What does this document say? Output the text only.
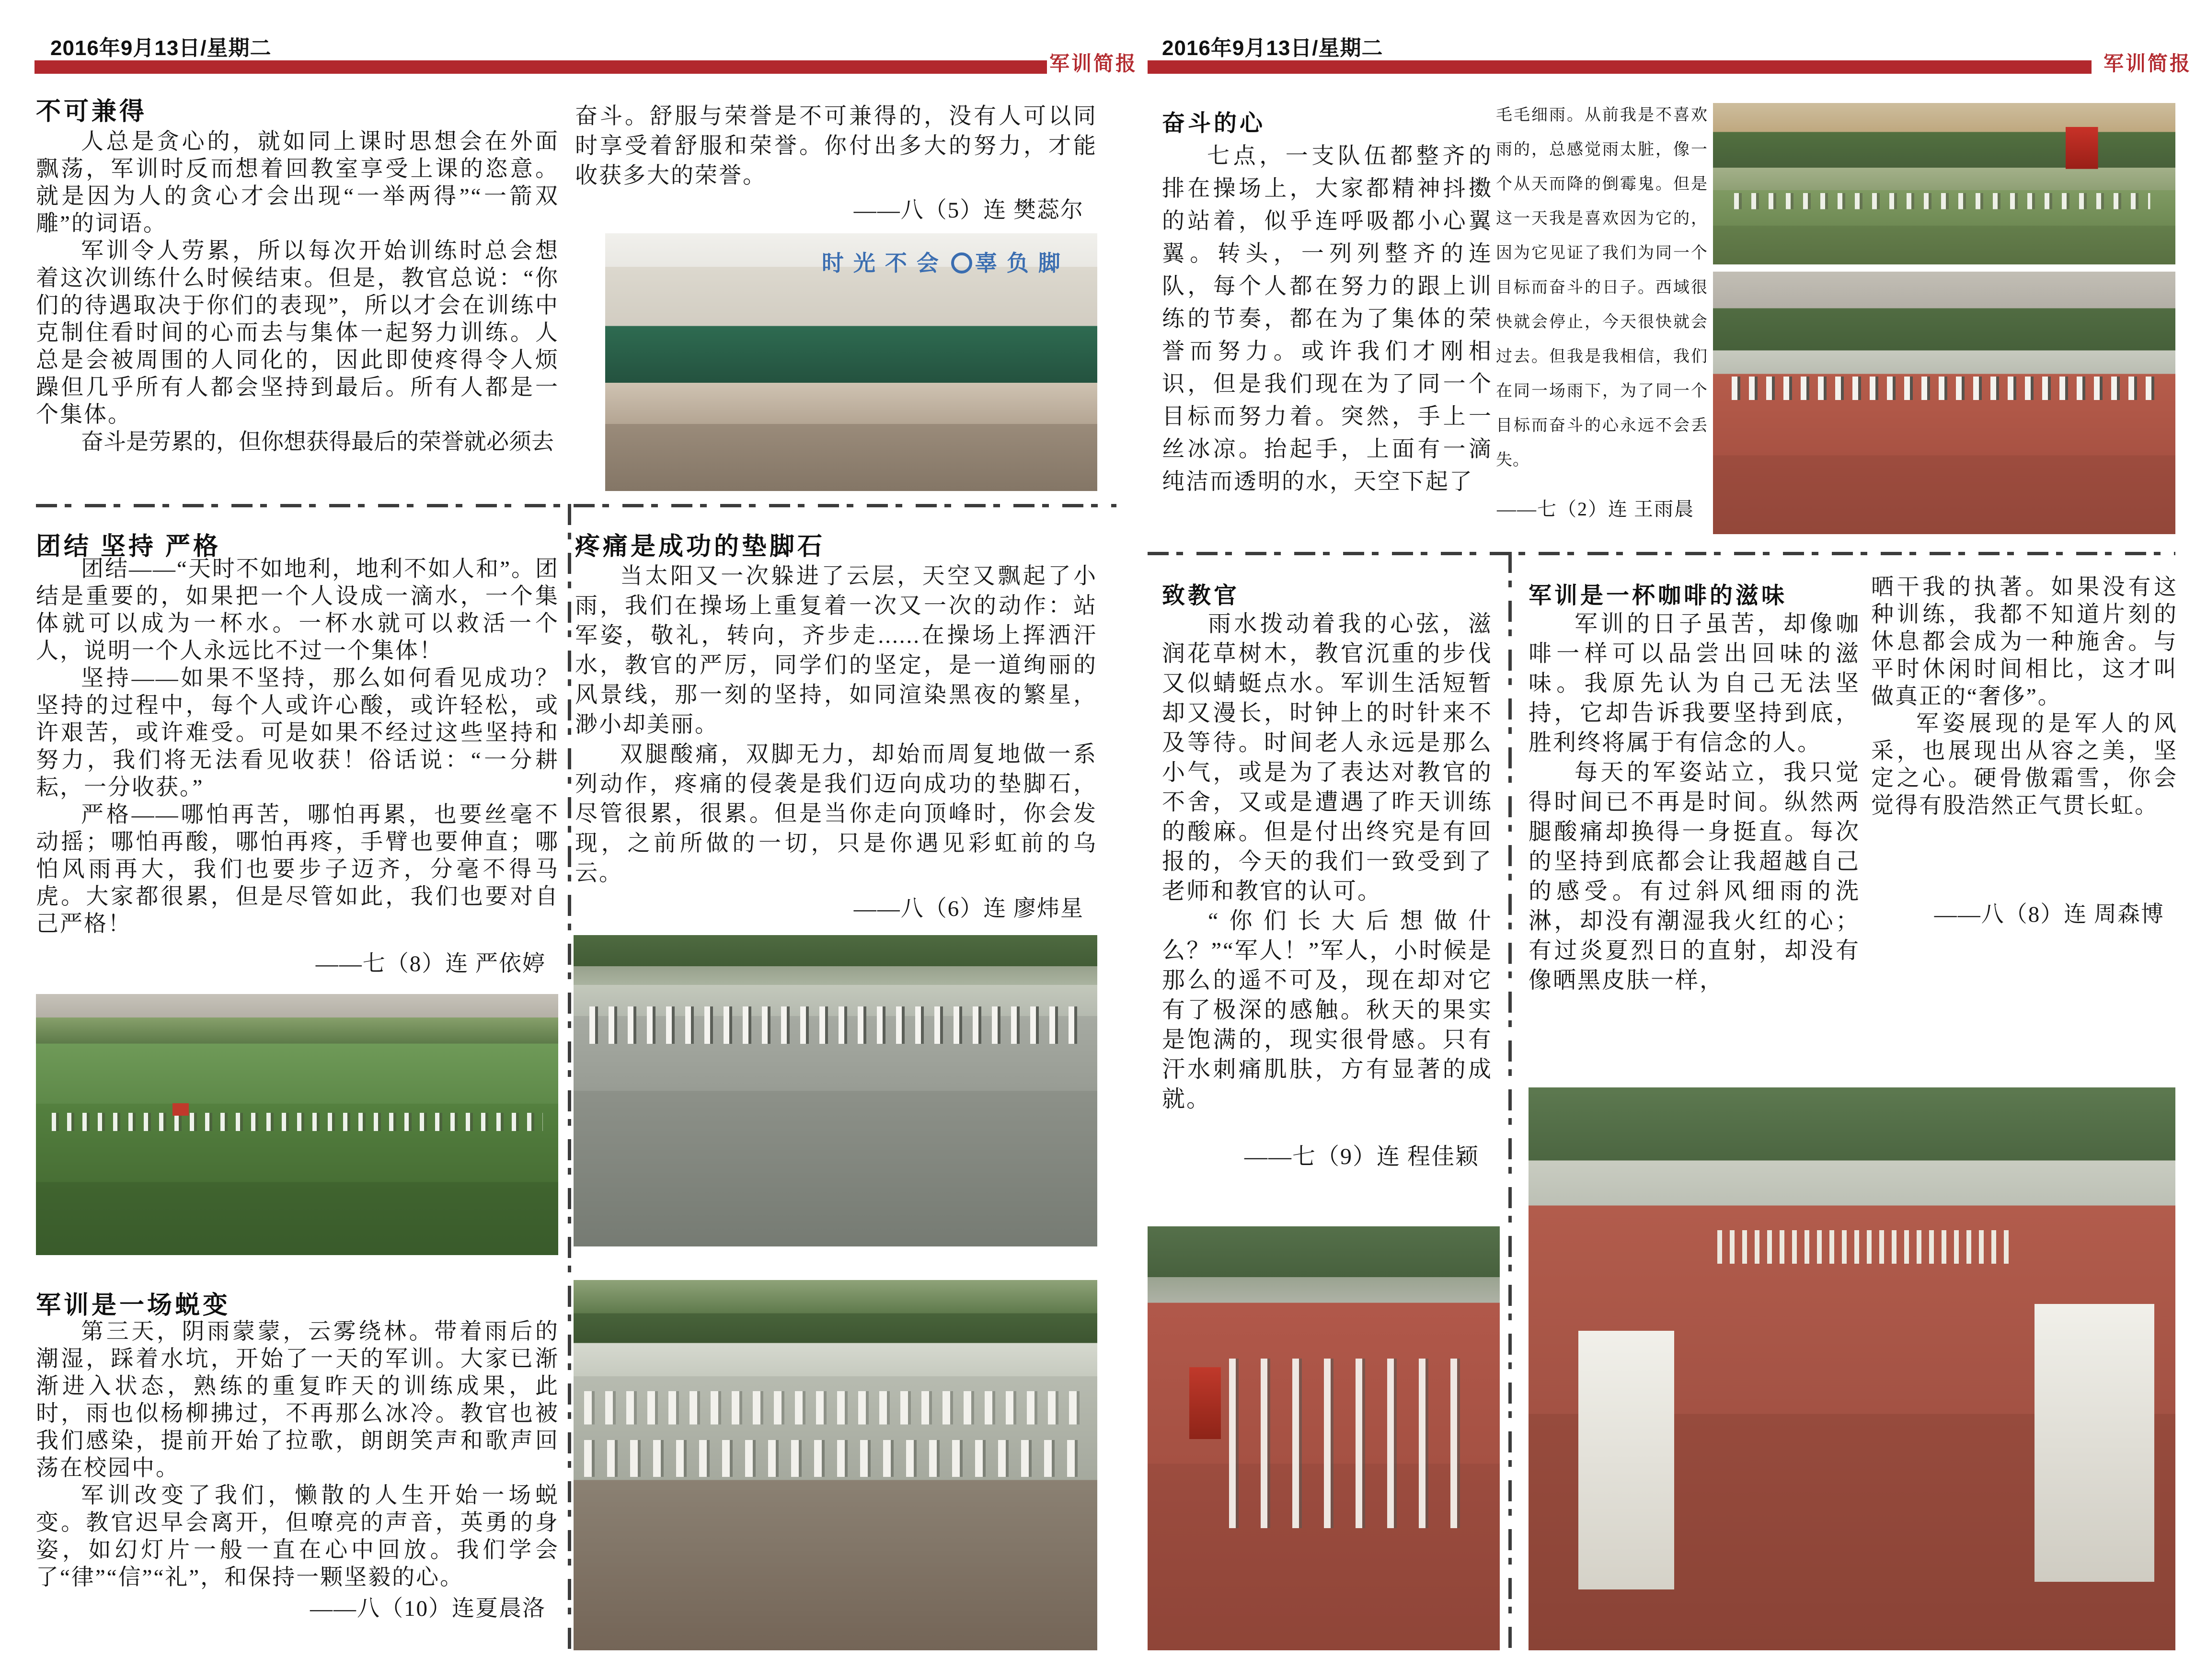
2016年9月13日/星期二
军训简报
不可兼得

人总是贪心的，就如同上课时思想会在外面飘荡，军训时反而想着回教室享受上课的恣意。就是因为人的贪心才会出现“一举两得”“一箭双雕”的词语。

军训令人劳累，所以每次开始训练时总会想着这次训练什么时候结束。但是，教官总说：“你们的待遇取决于你们的表现”，所以才会在训练中克制住看时间的心而去与集体一起努力训练。人总是会被周围的人同化的，因此即使疼得令人烦躁但几乎所有人都会坚持到最后。所有人都是一个集体。

奋斗是劳累的，但你想获得最后的荣誉就必须去

奋斗。舒服与荣誉是不可兼得的，没有人可以同时享受着舒服和荣誉。你付出多大的努力，才能收获多大的荣誉。

——八（5）连 樊蕊尔
时光不会 辜负脚
团结 坚持 严格

团结——“天时不如地利，地利不如人和”。团结是重要的，如果把一个人设成一滴水，一个集体就可以成为一杯水。一杯水就可以救活一个人，说明一个人永远比不过一个集体！

坚持——如果不坚持，那么如何看见成功？坚持的过程中，每个人或许心酸，或许轻松，或许艰苦，或许难受。可是如果不经过这些坚持和努力，我们将无法看见收获！俗话说：“一分耕耘，一分收获。”

严格——哪怕再苦，哪怕再累，也要丝毫不动摇；哪怕再酸，哪怕再疼，手臂也要伸直；哪怕风雨再大，我们也要步子迈齐，分毫不得马虎。大家都很累，但是尽管如此，我们也要对自己严格！

——七（8）连 严依婷
军训是一场蜕变

第三天，阴雨蒙蒙，云雾绕林。带着雨后的潮湿，踩着水坑，开始了一天的军训。大家已渐渐进入状态，熟练的重复昨天的训练成果，此时，雨也似杨柳拂过，不再那么冰冷。教官也被我们感染，提前开始了拉歌，朗朗笑声和歌声回荡在校园中。

军训改变了我们，懒散的人生开始一场蜕变。教官迟早会离开，但嘹亮的声音，英勇的身姿，如幻灯片一般一直在心中回放。我们学会了“律”“信”“礼”，和保持一颗坚毅的心。

——八（10）连夏晨洛
疼痛是成功的垫脚石

当太阳又一次躲进了云层，天空又飘起了小雨，我们在操场上重复着一次又一次的动作：站军姿，敬礼，转向，齐步走......在操场上挥洒汗水，教官的严厉，同学们的坚定，是一道绚丽的风景线，那一刻的坚持，如同渲染黑夜的繁星，渺小却美丽。

双腿酸痛，双脚无力，却始而周复地做一系列动作，疼痛的侵袭是我们迈向成功的垫脚石，尽管很累，很累。但是当你走向顶峰时，你会发现，之前所做的一切，只是你遇见彩虹前的乌云。

——八（6）连 廖炜星
2016年9月13日/星期二
军训简报
奋斗的心

七点，一支队伍都整齐的排在操场上，大家都精神抖擞的站着，似乎连呼吸都小心翼翼。转头，一列列整齐的连队，每个人都在努力的跟上训练的节奏，都在为了集体的荣誉而努力。或许我们才刚相识，但是我们现在为了同一个目标而努力着。突然，手上一丝冰凉。抬起手，上面有一滴纯洁而透明的水，天空下起了

毛毛细雨。从前我是不喜欢雨的，总感觉雨太脏，像一个从天而降的倒霉鬼。但是这一天我是喜欢因为它的，因为它见证了我们为同一个目标而奋斗的日子。西域很快就会停止，今天很快就会过去。但我是我相信，我们在同一场雨下，为了同一个目标而奋斗的心永远不会丢失。

——七（2）连 王雨晨
致教官

雨水拨动着我的心弦，滋润花草树木，教官沉重的步伐又似蜻蜓点水。军训生活短暂却又漫长，时钟上的时针来不及等待。时间老人永远是那么小气，或是为了表达对教官的不舍，又或是遭遇了昨天训练的酸麻。但是付出终究是有回报的，今天的我们一致受到了老师和教官的认可。

“你们长大后想做什么？”“军人！”军人，小时候是那么的遥不可及，现在却对它有了极深的感触。秋天的果实是饱满的，现实很骨感。只有汗水刺痛肌肤，方有显著的成就。

——七（9）连 程佳颖
军训是一杯咖啡的滋味

军训的日子虽苦，却像咖啡一样可以品尝出回味的滋味。我原先认为自己无法坚持，它却告诉我要坚持到底，胜利终将属于有信念的人。

每天的军姿站立，我只觉得时间已不再是时间。纵然两腿酸痛却换得一身挺直。每次的坚持到底都会让我超越自己的感受。有过斜风细雨的洗淋，却没有潮湿我火红的心；有过炎夏烈日的直射，却没有像晒黑皮肤一样，

晒干我的执著。如果没有这种训练，我都不知道片刻的休息都会成为一种施舍。与平时休闲时间相比，这才叫做真正的“奢侈”。

军姿展现的是军人的风采，也展现出从容之美，坚定之心。硬骨傲霜雪，你会觉得有股浩然正气贯长虹。

——八（8）连 周森博
